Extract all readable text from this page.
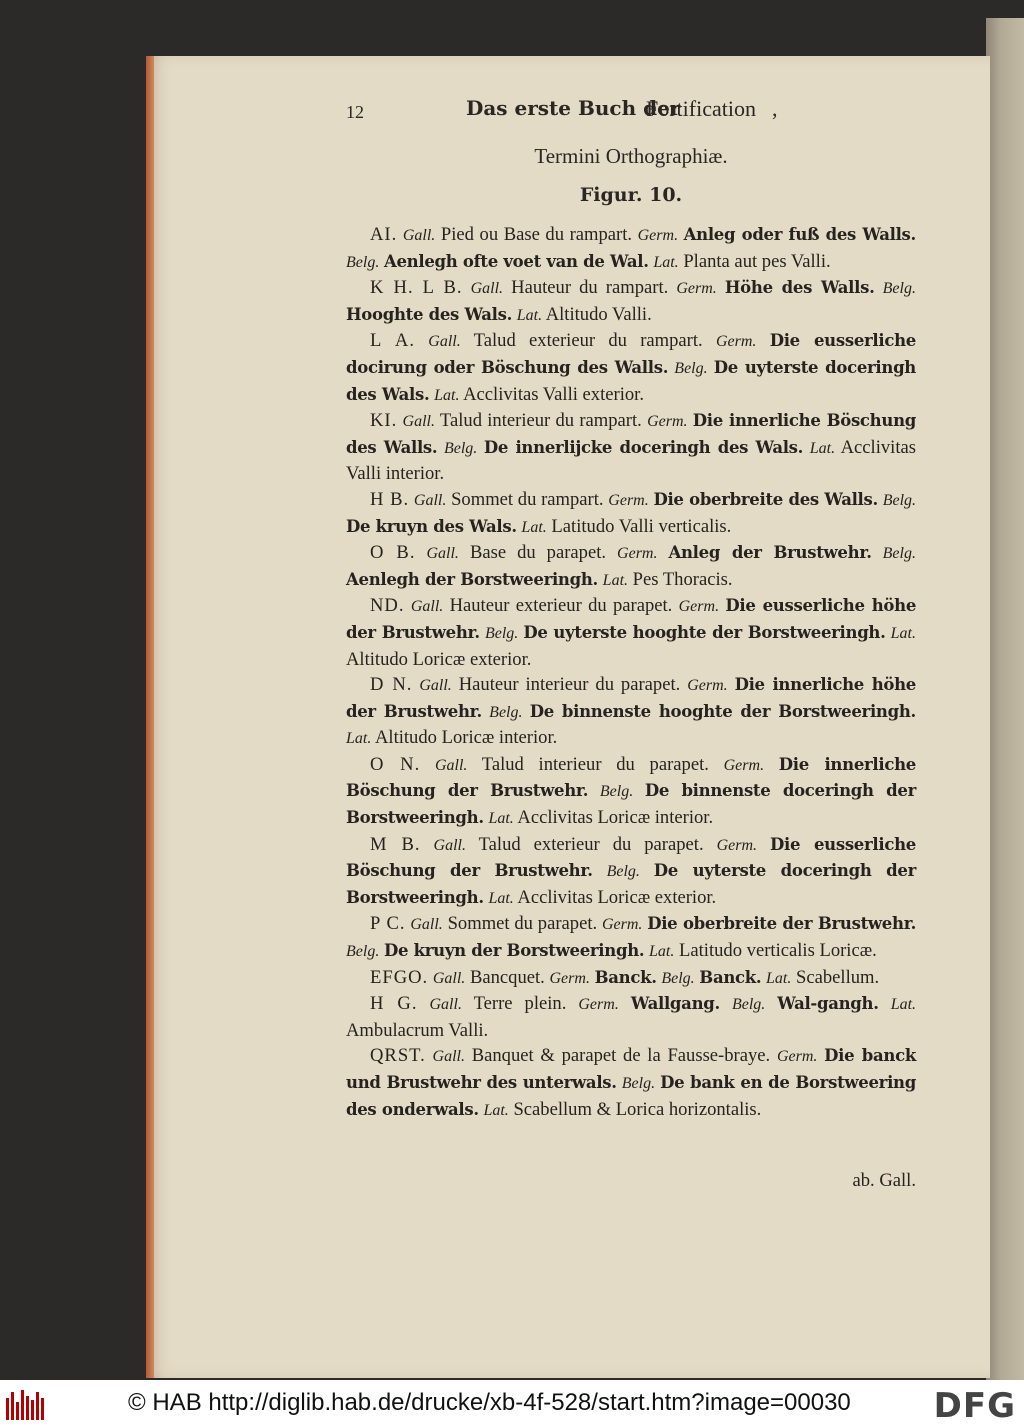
12	Das erste Buch der
Fortification ,
Termini Orthographiæ.
Figur. 10.

AI. Gall. Pied ou Base du rampart. Germ. Anleg oder fuß des Walls. Belg. Aenlegh ofte voet van de Wal. Lat. Planta aut pes Valli.

K H. L B. Gall. Hauteur du rampart. Germ. Höhe des Walls. Belg. Hooghte des Wals. Lat. Altitudo Valli.

L A. Gall. Talud exterieur du rampart. Germ. Die eusserliche docirung oder Böschung des Walls. Belg. De uyterste doceringh des Wals. Lat. Acclivitas Valli exterior.

KI. Gall. Talud interieur du rampart. Germ. Die innerliche Böschung des Walls. Belg. De innerlijcke doceringh des Wals. Lat. Acclivitas Valli interior.

H B. Gall. Sommet du rampart. Germ. Die oberbreite des Walls. Belg. De kruyn des Wals. Lat. Latitudo Valli verticalis.

O B. Gall. Base du parapet. Germ. Anleg der Brustwehr. Belg. Aenlegh der Borstweeringh. Lat. Pes Thoracis.

ND. Gall. Hauteur exterieur du parapet. Germ. Die eusserliche höhe der Brustwehr. Belg. De uyterste hooghte der Borstweeringh. Lat. Altitudo Loricæ exterior.

D N. Gall. Hauteur interieur du parapet. Germ. Die innerliche höhe der Brustwehr. Belg. De binnenste hooghte der Borstweeringh. Lat. Altitudo Loricæ interior.

O N. Gall. Talud interieur du parapet. Germ. Die innerliche Böschung der Brustwehr. Belg. De binnenste doceringh der Borstweeringh. Lat. Acclivitas Loricæ interior.

M B. Gall. Talud exterieur du parapet. Germ. Die eusserliche Böschung der Brustwehr. Belg. De uyterste doceringh der Borstweeringh. Lat. Acclivitas Loricæ exterior.

P C. Gall. Sommet du parapet. Germ. Die oberbreite der Brustwehr. Belg. De kruyn der Borstweeringh. Lat. Latitudo verticalis Loricæ.

EFGO. Gall. Bancquet. Germ. Banck. Belg. Banck. Lat. Scabellum.

H G. Gall. Terre plein. Germ. Wallgang. Belg. Wal-gangh. Lat. Ambulacrum Valli.

QRST. Gall. Banquet & parapet de la Fausse-braye. Germ. Die banck und Brustwehr des unterwals. Belg. De bank en de Borstweering des onderwals. Lat. Scabellum & Lorica horizontalis.

ab. Gall.
© HAB http://diglib.hab.de/drucke/xb-4f-528/start.htm?image=00030 DFG
